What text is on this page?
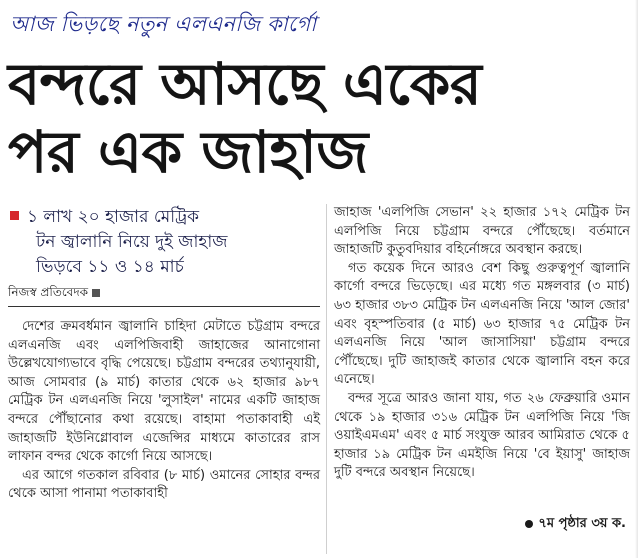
আজ ভিড়ছে নতুন এলএনজি কার্গো
বন্দরে আসছে একের
পর এক জাহাজ
১ লাখ ২০ হাজার মেট্রিক
টন জ্বালানি নিয়ে দুই জাহাজ
ভিড়বে ১১ ও ১৪ মার্চ
নিজস্ব প্রতিবেদক

দেশের ক্রমবর্ধমান জ্বালানি চাহিদা মেটাতে চট্টগ্রাম বন্দরে এলএনজি এবং এলপিজিবাহী জাহাজের আনাগোনা উল্লেখযোগ্যভাবে বৃদ্ধি পেয়েছে। চট্টগ্রাম বন্দরের তথ্যানুযায়ী, আজ সোমবার (৯ মার্চ) কাতার থেকে ৬২ হাজার ৯৮৭ মেট্রিক টন এলএনজি নিয়ে 'লুসাইল' নামের একটি জাহাজ বন্দরে পৌঁছানোর কথা রয়েছে। বাহামা পতাকাবাহী এই জাহাজটি ইউনিগ্লোবাল এজেন্সির মাধ্যমে কাতারের রাস লাফান বন্দর থেকে কার্গো নিয়ে আসছে।

এর আগে গতকাল রবিবার (৮ মার্চ) ওমানের সোহার বন্দর থেকে আসা পানামা পতাকাবাহী

জাহাজ 'এলপিজি সেভান' ২২ হাজার ১৭২ মেট্রিক টন এলপিজি নিয়ে চট্টগ্রাম বন্দরে পৌঁছেছে। বর্তমানে জাহাজটি কুতুবদিয়ার বহির্নোঙ্গরে অবস্থান করছে।

গত কয়েক দিনে আরও বেশ কিছু গুরুত্বপূর্ণ জ্বালানি কার্গো বন্দরে ভিড়েছে। এর মধ্যে গত মঙ্গলবার (৩ মার্চ) ৬৩ হাজার ৩৮৩ মেট্রিক টন এলএনজি নিয়ে 'আল জোর' এবং বৃহস্পতিবার (৫ মার্চ) ৬৩ হাজার ৭৫ মেট্রিক টন এলএনজি নিয়ে 'আল জাসাসিয়া' চট্টগ্রাম বন্দরে পৌঁছেছে। দুটি জাহাজই কাতার থেকে জ্বালানি বহন করে এনেছে।

বন্দর সূত্রে আরও জানা যায়, গত ২৬ ফেব্রুয়ারি ওমান থেকে ১৯ হাজার ৩১৬ মেট্রিক টন এলপিজি নিয়ে 'জি ওয়াইএমএম' এবং ৫ মার্চ সংযুক্ত আরব আমিরাত থেকে ৫ হাজার ১৯ মেট্রিক টন এমইজি নিয়ে 'বে ইয়াসু' জাহাজ দুটি বন্দরে অবস্থান নিয়েছে।

৭ম পৃষ্ঠার ৩য় ক.
